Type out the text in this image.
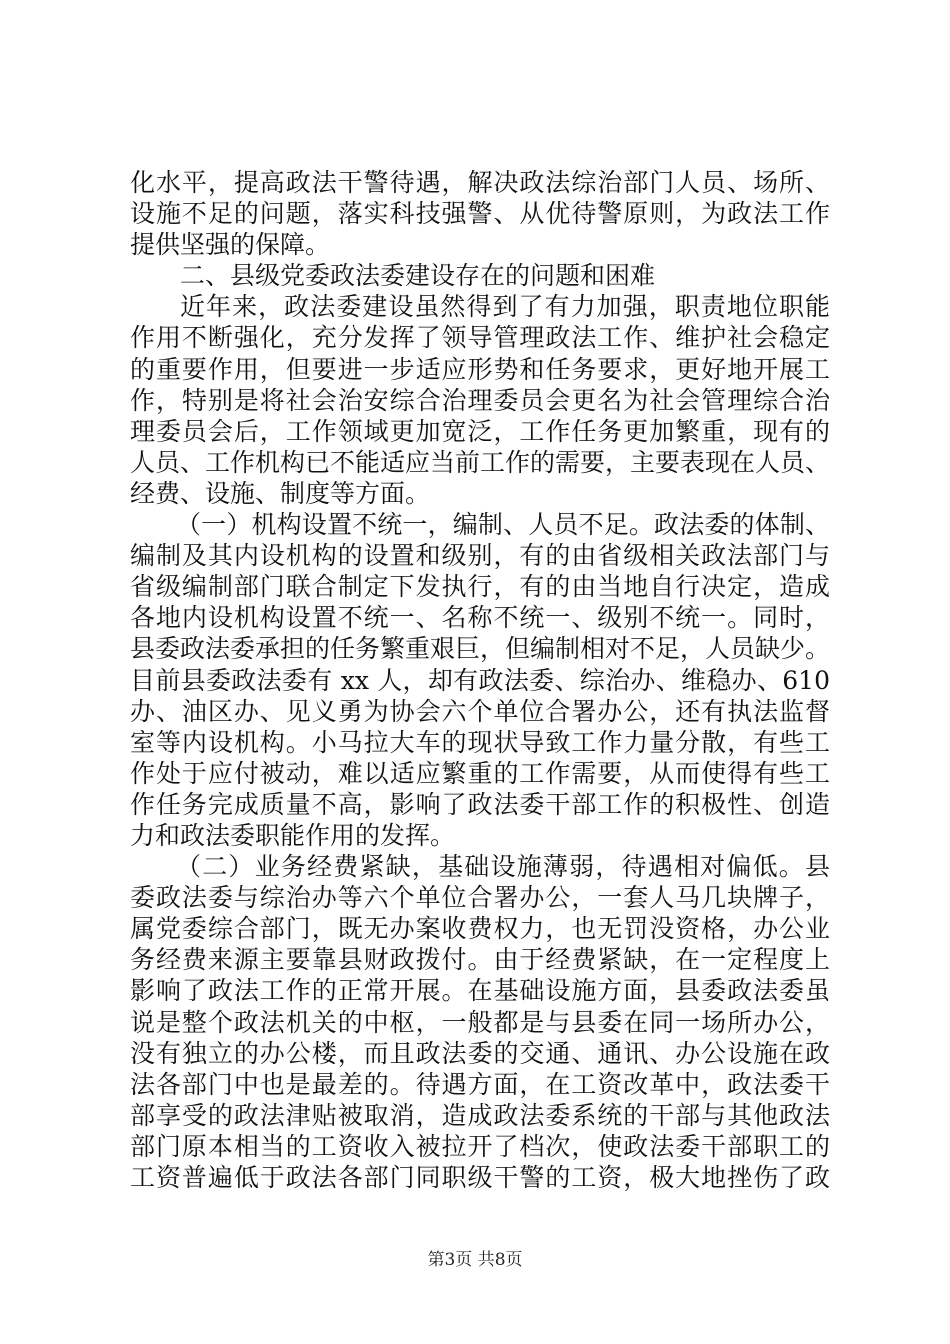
化水平，提高政法干警待遇，解决政法综治部门人员、场所、
设施不足的问题，落实科技强警、从优待警原则，为政法工作
提供坚强的保障。
二、县级党委政法委建设存在的问题和困难
近年来，政法委建设虽然得到了有力加强，职责地位职能
作用不断强化，充分发挥了领导管理政法工作、维护社会稳定
的重要作用，但要进一步适应形势和任务要求，更好地开展工
作，特别是将社会治安综合治理委员会更名为社会管理综合治
理委员会后，工作领域更加宽泛，工作任务更加繁重，现有的
人员、工作机构已不能适应当前工作的需要，主要表现在人员、
经费、设施、制度等方面。
（一）机构设置不统一，编制、人员不足。政法委的体制、
编制及其内设机构的设置和级别，有的由省级相关政法部门与
省级编制部门联合制定下发执行，有的由当地自行决定，造成
各地内设机构设置不统一、名称不统一、级别不统一。同时，
县委政法委承担的任务繁重艰巨，但编制相对不足，人员缺少。
目前县委政法委有 xx 人，却有政法委、综治办、维稳办、610
办、油区办、见义勇为协会六个单位合署办公，还有执法监督
室等内设机构。小马拉大车的现状导致工作力量分散，有些工
作处于应付被动，难以适应繁重的工作需要，从而使得有些工
作任务完成质量不高，影响了政法委干部工作的积极性、创造
力和政法委职能作用的发挥。
（二）业务经费紧缺，基础设施薄弱，待遇相对偏低。县
委政法委与综治办等六个单位合署办公，一套人马几块牌子，
属党委综合部门，既无办案收费权力，也无罚没资格，办公业
务经费来源主要靠县财政拨付。由于经费紧缺，在一定程度上
影响了政法工作的正常开展。在基础设施方面，县委政法委虽
说是整个政法机关的中枢，一般都是与县委在同一场所办公，
没有独立的办公楼，而且政法委的交通、通讯、办公设施在政
法各部门中也是最差的。待遇方面，在工资改革中，政法委干
部享受的政法津贴被取消，造成政法委系统的干部与其他政法
部门原本相当的工资收入被拉开了档次，使政法委干部职工的
工资普遍低于政法各部门同职级干警的工资，极大地挫伤了政
第3页 共8页
